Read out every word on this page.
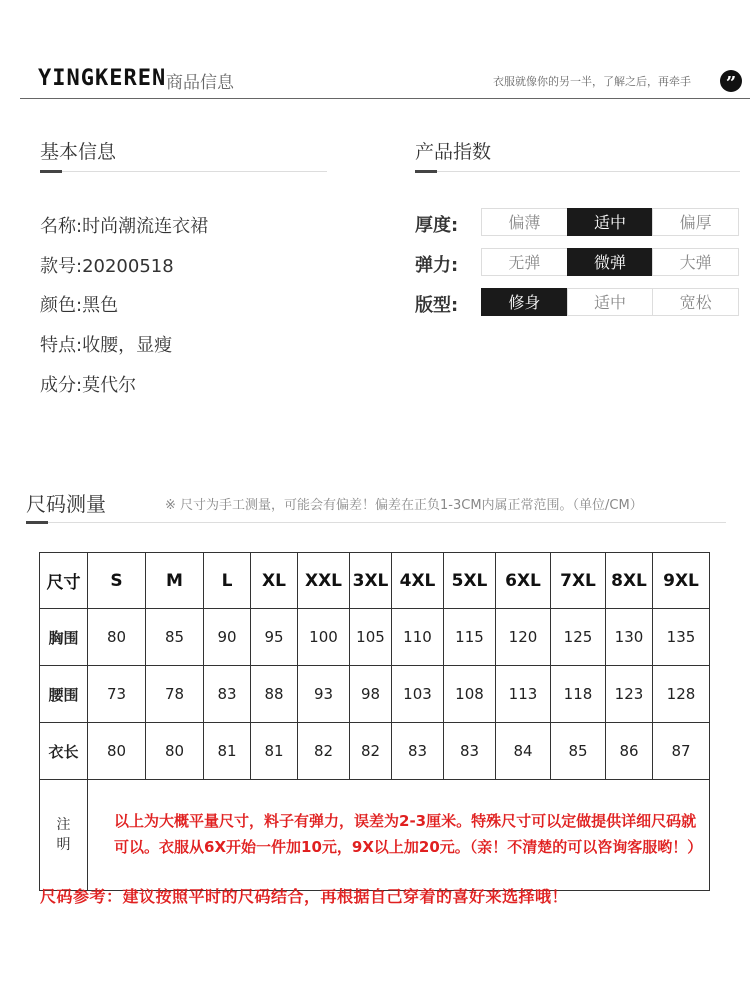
YINGKEREN 商品信息	衣服就像你的另一半，了解之后，再牵手	”
基本信息
名称:时尚潮流连衣裙
款号:20200518
颜色:黑色
特点:收腰，显瘦
成分:莫代尔
产品指数
厚度:	偏薄	适中	偏厚
弹力:	无弹	微弹	大弹
版型:	修身	适中	宽松
尺码测量	※ 尺寸为手工测量，可能会有偏差！偏差在正负1-3CM内属正常范围。（单位/CM）
尺寸	S	M	L	XL	XXL	3XL	4XL	5XL	6XL	7XL	8XL	9XL
胸围	80	85	90	95	100	105	110	115	120	125	130	135
腰围	73	78	83	88	93	98	103	108	113	118	123	128
衣长	80	80	81	81	82	82	83	83	84	85	86	87
注明	以上为大概平量尺寸，料子有弹力，误差为2-3厘米。特殊尺寸可以定做提供详细尺码就可以。衣服从6X开始一件加10元，9X以上加20元。（亲！不清楚的可以咨询客服哟！）											
尺码参考：建议按照平时的尺码结合，再根据自己穿着的喜好来选择哦！
